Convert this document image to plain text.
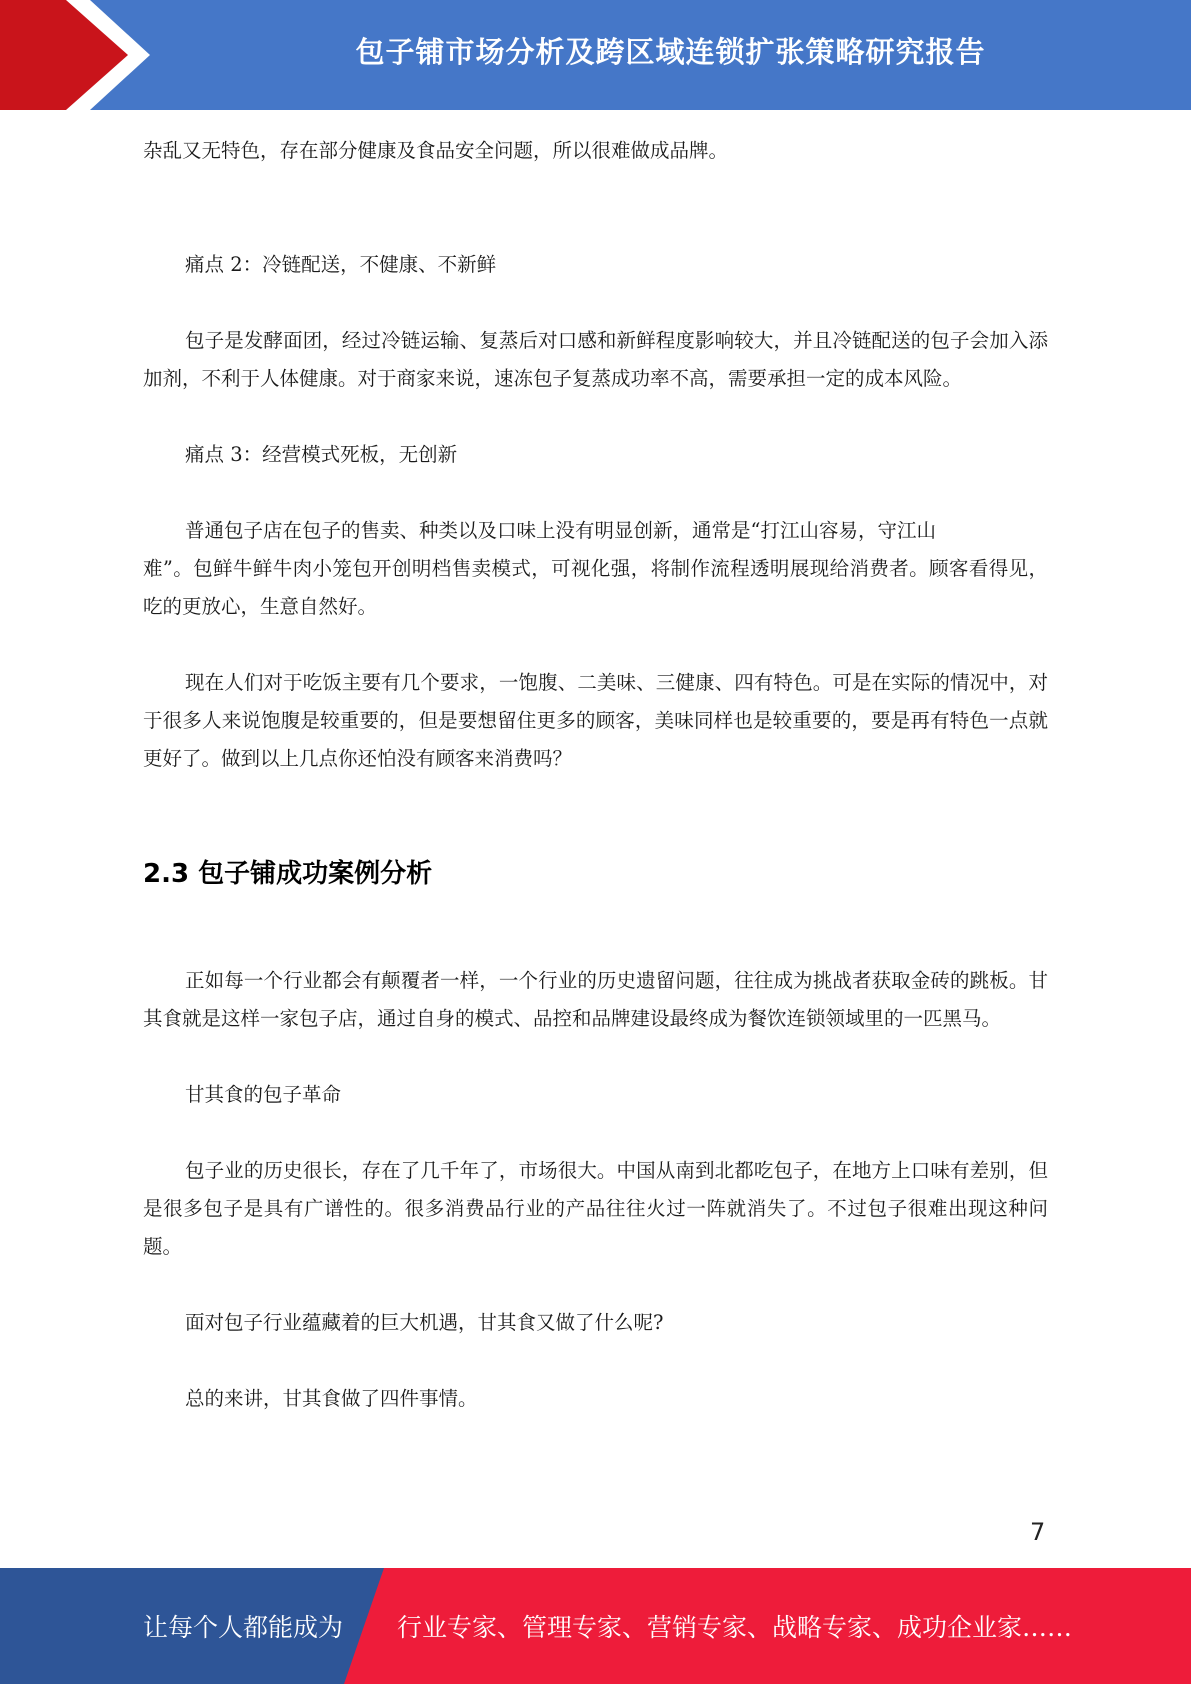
包子铺市场分析及跨区域连锁扩张策略研究报告

杂乱又无特色，存在部分健康及食品安全问题，所以很难做成品牌。

痛点 2：冷链配送，不健康、不新鲜

包子是发酵面团，经过冷链运输、复蒸后对口感和新鲜程度影响较大，并且冷链配送的包子会加入添加剂，不利于人体健康。对于商家来说，速冻包子复蒸成功率不高，需要承担一定的成本风险。

痛点 3：经营模式死板，无创新

普通包子店在包子的售卖、种类以及口味上没有明显创新，通常是“打江山容易，守江山

难”。包鲜牛鲜牛肉小笼包开创明档售卖模式，可视化强，将制作流程透明展现给消费者。顾客看得见，吃的更放心，生意自然好。

现在人们对于吃饭主要有几个要求，一饱腹、二美味、三健康、四有特色。可是在实际的情况中，对于很多人来说饱腹是较重要的，但是要想留住更多的顾客，美味同样也是较重要的，要是再有特色一点就更好了。做到以上几点你还怕没有顾客来消费吗？

2.3 包子铺成功案例分析

正如每一个行业都会有颠覆者一样，一个行业的历史遗留问题，往往成为挑战者获取金砖的跳板。甘其食就是这样一家包子店，通过自身的模式、品控和品牌建设最终成为餐饮连锁领域里的一匹黑马。

甘其食的包子革命

包子业的历史很长，存在了几千年了，市场很大。中国从南到北都吃包子，在地方上口味有差别，但是很多包子是具有广谱性的。很多消费品行业的产品往往火过一阵就消失了。不过包子很难出现这种问题。

面对包子行业蕴藏着的巨大机遇，甘其食又做了什么呢?

总的来讲，甘其食做了四件事情。

7
让每个人都能成为 行业专家、管理专家、营销专家、战略专家、成功企业家……
